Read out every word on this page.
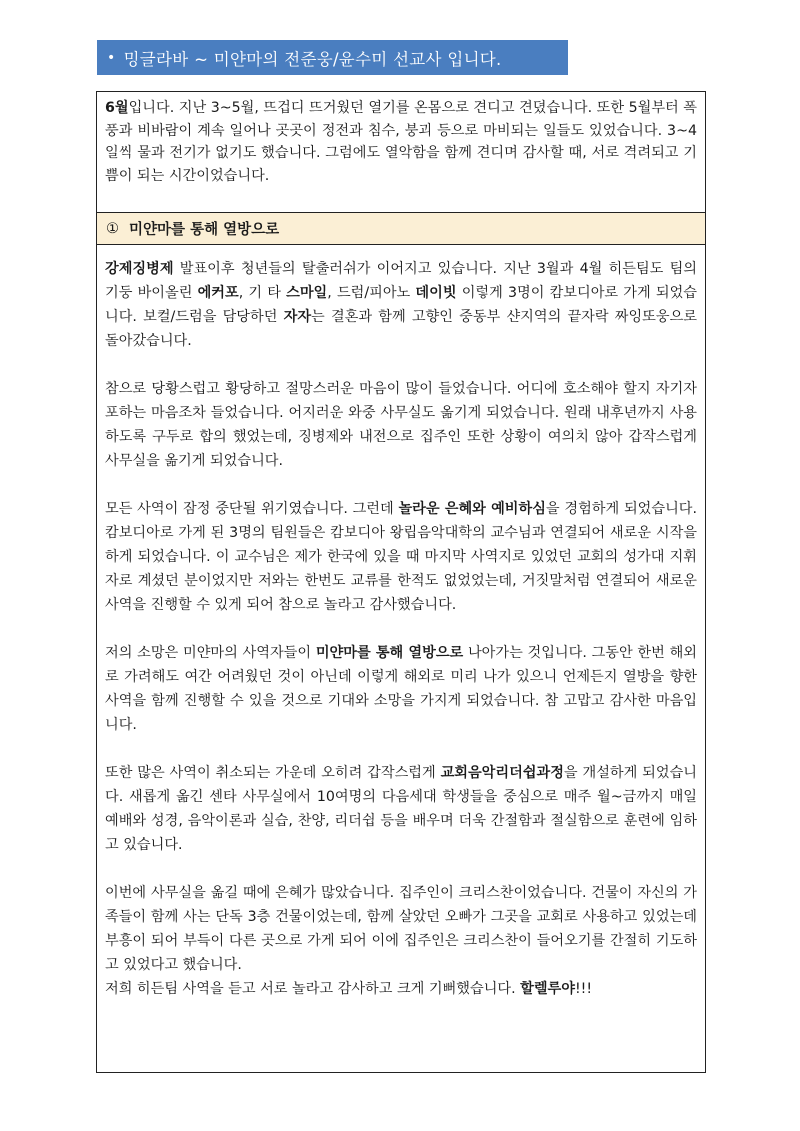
• 밍글라바 ~ 미얀마의 전준웅/윤수미 선교사 입니다.
6월입니다. 지난 3~5월, 뜨겁디 뜨거웠던 열기를 온몸으로 견디고 견뎠습니다. 또한 5월부터 폭풍과 비바람이 계속 일어나 곳곳이 정전과 침수, 붕괴 등으로 마비되는 일들도 있었습니다. 3~4일씩 물과 전기가 없기도 했습니다. 그럼에도 열악함을 함께 견디며 감사할 때, 서로 격려되고 기쁨이 되는 시간이었습니다.
① 미얀마를 통해 열방으로

강제징병제 발표이후 청년들의 탈출러쉬가 이어지고 있습니다. 지난 3월과 4월 히든팀도 팀의 기둥 바이올린 에커포, 기 타 스마일, 드럼/피아노 데이빗 이렇게 3명이 캄보디아로 가게 되었습니다. 보컬/드럼을 담당하던 자자는 결혼과 함께 고향인 중동부 샨지역의 끝자락 짜잉또웅으로 돌아갔습니다.

참으로 당황스럽고 황당하고 절망스러운 마음이 많이 들었습니다. 어디에 호소해야 할지 자기자포하는 마음조차 들었습니다. 어지러운 와중 사무실도 옮기게 되었습니다. 원래 내후년까지 사용하도록 구두로 합의 했었는데, 징병제와 내전으로 집주인 또한 상황이 여의치 않아 갑작스럽게 사무실을 옮기게 되었습니다.

모든 사역이 잠정 중단될 위기였습니다. 그런데 놀라운 은혜와 예비하심을 경험하게 되었습니다. 캄보디아로 가게 된 3명의 팀원들은 캄보디아 왕립음악대학의 교수님과 연결되어 새로운 시작을 하게 되었습니다. 이 교수님은 제가 한국에 있을 때 마지막 사역지로 있었던 교회의 성가대 지휘자로 계셨던 분이었지만 저와는 한번도 교류를 한적도 없었었는데, 거짓말처럼 연결되어 새로운 사역을 진행할 수 있게 되어 참으로 놀라고 감사했습니다.

저의 소망은 미얀마의 사역자들이 미얀마를 통해 열방으로 나아가는 것입니다. 그동안 한번 해외로 가려해도 여간 어려웠던 것이 아닌데 이렇게 해외로 미리 나가 있으니 언제든지 열방을 향한 사역을 함께 진행할 수 있을 것으로 기대와 소망을 가지게 되었습니다. 참 고맙고 감사한 마음입니다.

또한 많은 사역이 취소되는 가운데 오히려 갑작스럽게 교회음악리더쉽과정을 개설하게 되었습니다. 새롭게 옮긴 센타 사무실에서 10여명의 다음세대 학생들을 중심으로 매주 월~금까지 매일 예배와 성경, 음악이론과 실습, 찬양, 리더쉽 등을 배우며 더욱 간절함과 절실함으로 훈련에 임하고 있습니다.

이번에 사무실을 옮길 때에 은혜가 많았습니다. 집주인이 크리스찬이었습니다. 건물이 자신의 가족들이 함께 사는 단독 3층 건물이었는데, 함께 살았던 오빠가 그곳을 교회로 사용하고 있었는데 부흥이 되어 부득이 다른 곳으로 가게 되어 이에 집주인은 크리스찬이 들어오기를 간절히 기도하고 있었다고 했습니다.
저희 히든팀 사역을 듣고 서로 놀라고 감사하고 크게 기뻐했습니다. 할렐루야!!!
